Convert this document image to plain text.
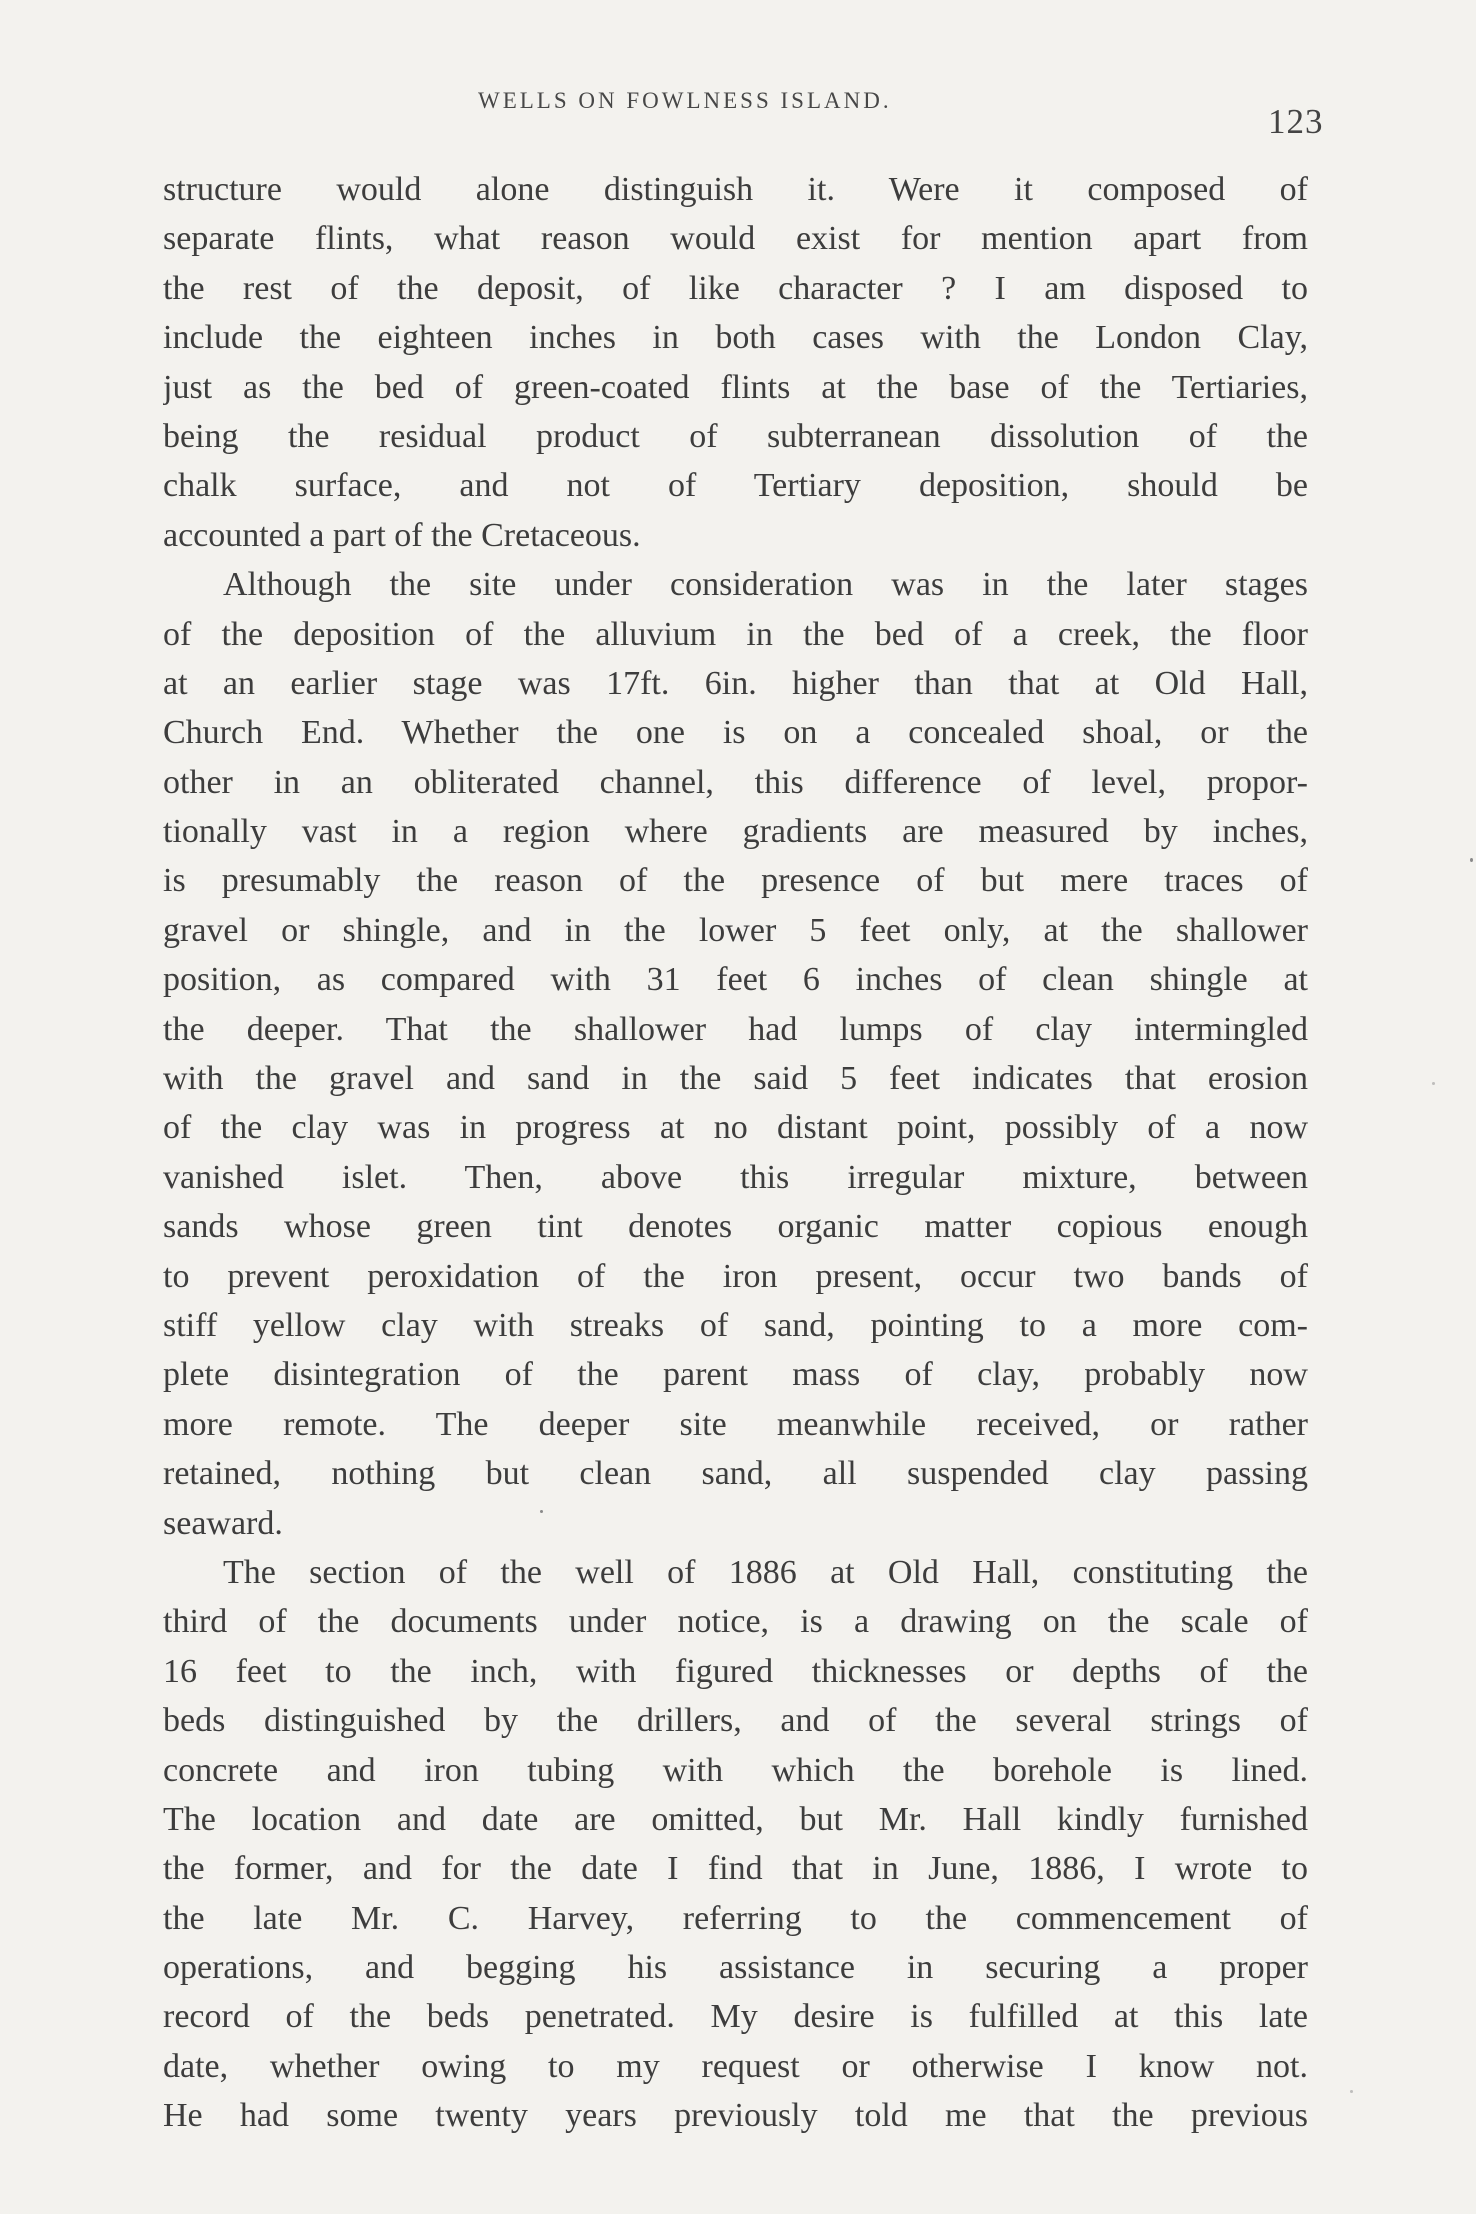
WELLS ON FOWLNESS ISLAND.
123
structure would alone distinguish it. Were it composed of
separate flints, what reason would exist for mention apart from
the rest of the deposit, of like character ? I am disposed to
include the eighteen inches in both cases with the London Clay,
just as the bed of green-coated flints at the base of the Tertiaries,
being the residual product of subterranean dissolution of the
chalk surface, and not of Tertiary deposition, should be
accounted a part of the Cretaceous.
Although the site under consideration was in the later stages
of the deposition of the alluvium in the bed of a creek, the floor
at an earlier stage was 17ft. 6in. higher than that at Old Hall,
Church End. Whether the one is on a concealed shoal, or the
other in an obliterated channel, this difference of level, propor-
tionally vast in a region where gradients are measured by inches,
is presumably the reason of the presence of but mere traces of
gravel or shingle, and in the lower 5 feet only, at the shallower
position, as compared with 31 feet 6 inches of clean shingle at
the deeper. That the shallower had lumps of clay intermingled
with the gravel and sand in the said 5 feet indicates that erosion
of the clay was in progress at no distant point, possibly of a now
vanished islet. Then, above this irregular mixture, between
sands whose green tint denotes organic matter copious enough
to prevent peroxidation of the iron present, occur two bands of
stiff yellow clay with streaks of sand, pointing to a more com-
plete disintegration of the parent mass of clay, probably now
more remote. The deeper site meanwhile received, or rather
retained, nothing but clean sand, all suspended clay passing
seaward.
The section of the well of 1886 at Old Hall, constituting the
third of the documents under notice, is a drawing on the scale of
16 feet to the inch, with figured thicknesses or depths of the
beds distinguished by the drillers, and of the several strings of
concrete and iron tubing with which the borehole is lined.
The location and date are omitted, but Mr. Hall kindly furnished
the former, and for the date I find that in June, 1886, I wrote to
the late Mr. C. Harvey, referring to the commencement of
operations, and begging his assistance in securing a proper
record of the beds penetrated. My desire is fulfilled at this late
date, whether owing to my request or otherwise I know not.
He had some twenty years previously told me that the previous
